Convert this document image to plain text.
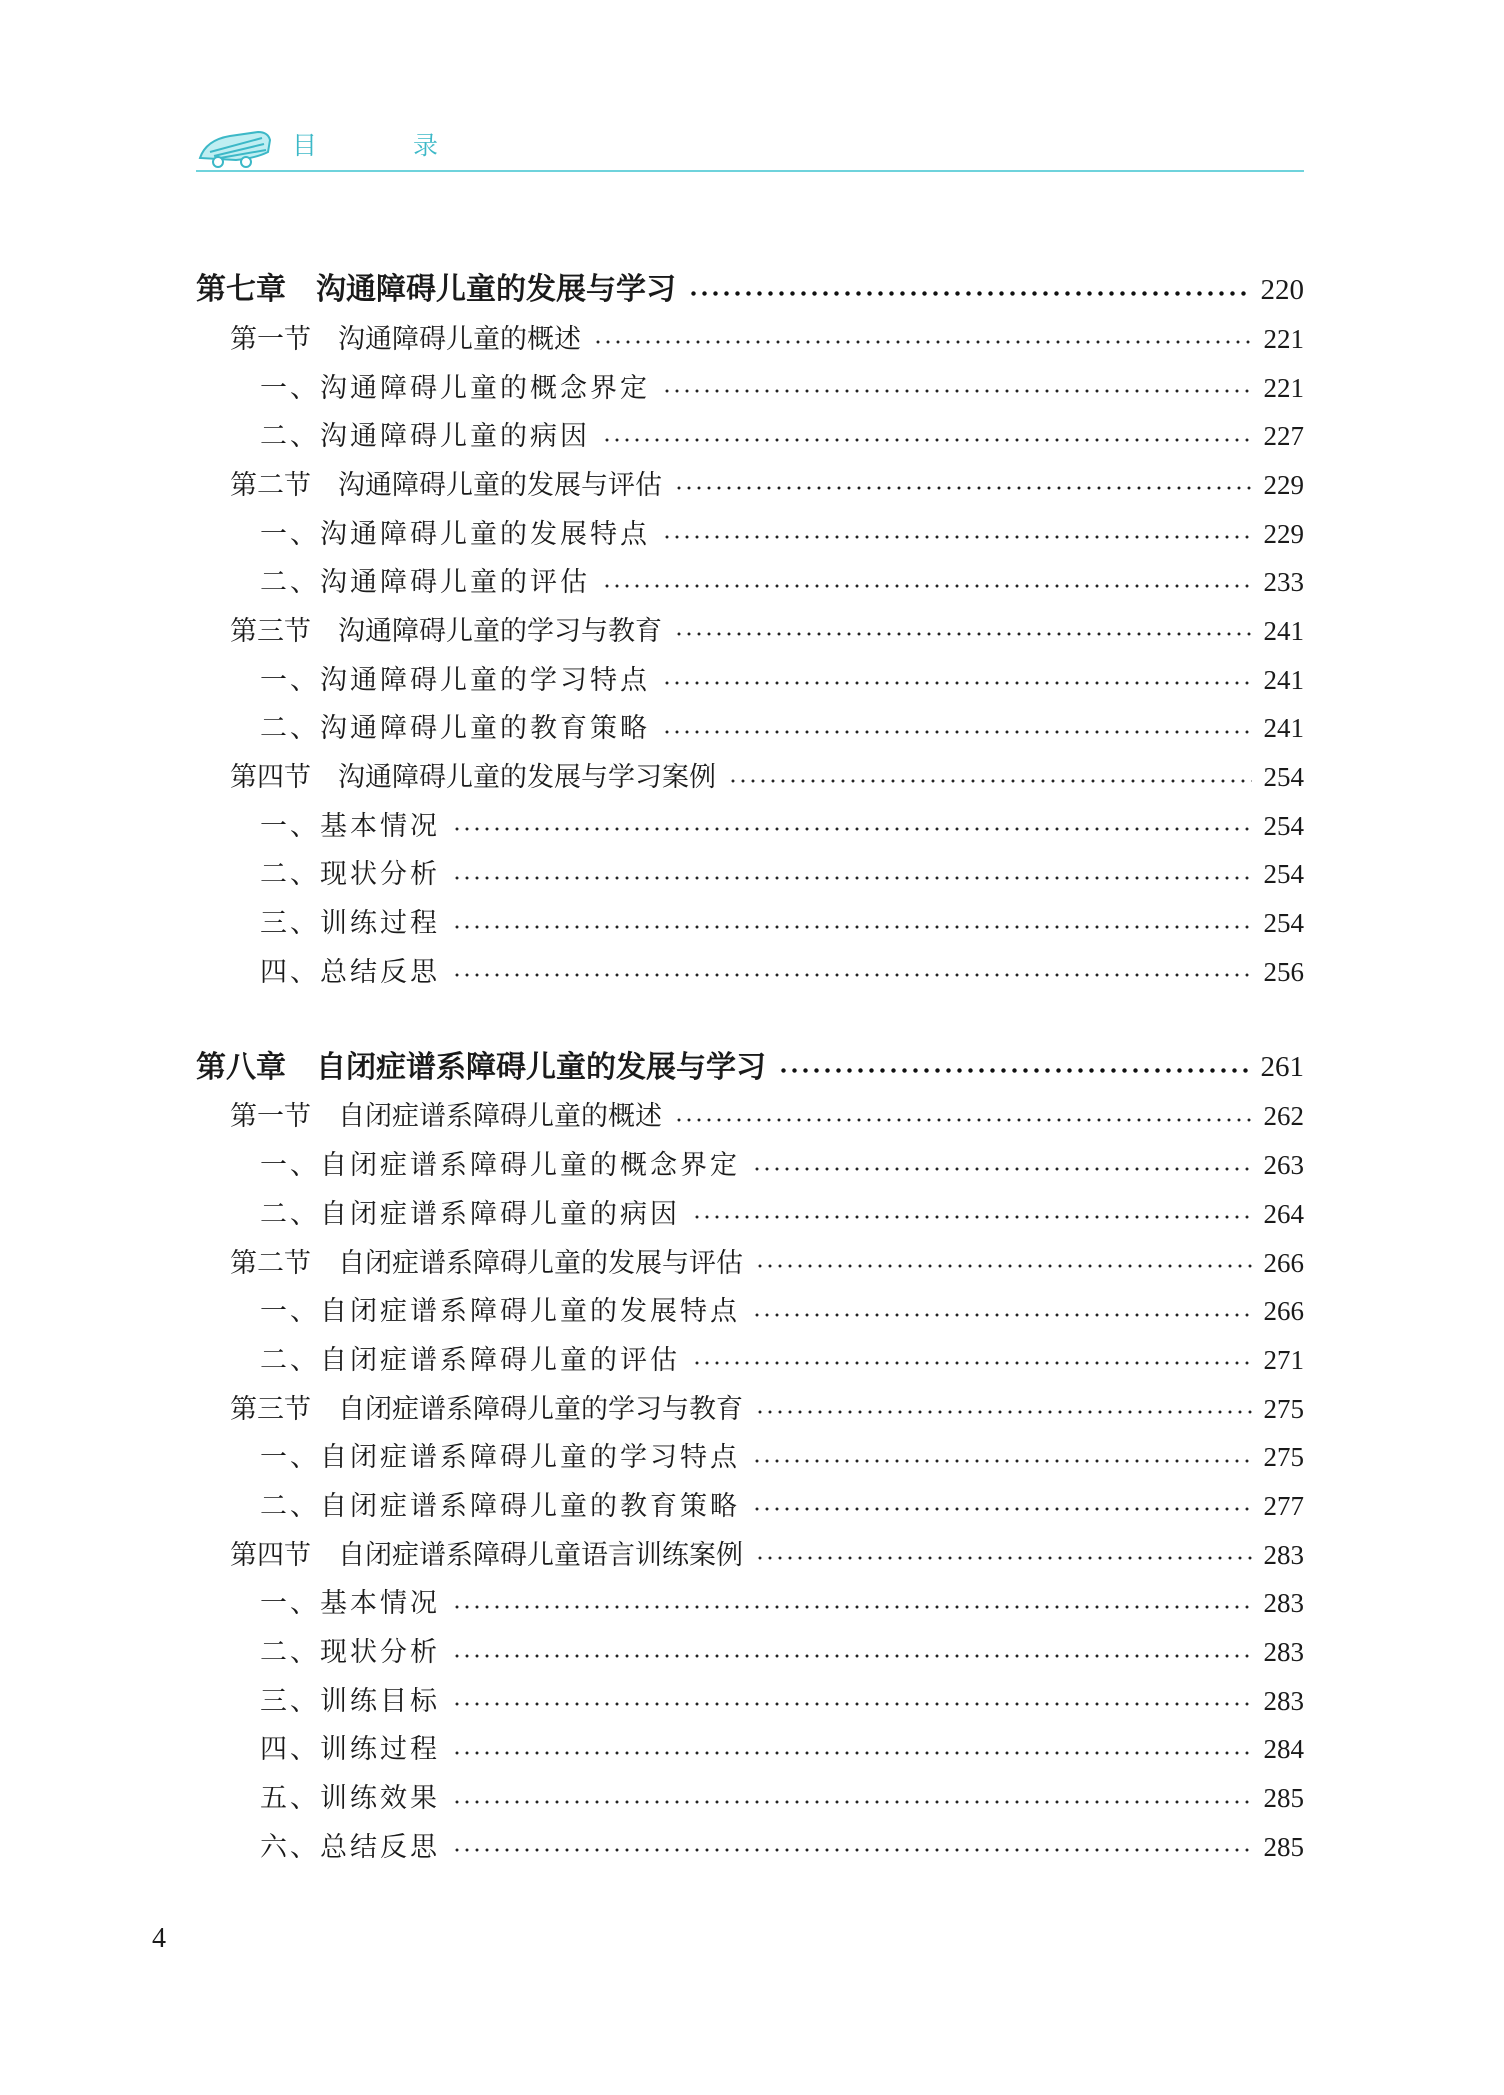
目 录
第七章　沟通障碍儿童的发展与学习	220
第一节　沟通障碍儿童的概述	221
一、沟通障碍儿童的概念界定	221
二、沟通障碍儿童的病因	227
第二节　沟通障碍儿童的发展与评估	229
一、沟通障碍儿童的发展特点	229
二、沟通障碍儿童的评估	233
第三节　沟通障碍儿童的学习与教育	241
一、沟通障碍儿童的学习特点	241
二、沟通障碍儿童的教育策略	241
第四节　沟通障碍儿童的发展与学习案例	254
一、基本情况	254
二、现状分析	254
三、训练过程	254
四、总结反思	256
第八章　自闭症谱系障碍儿童的发展与学习	261
第一节　自闭症谱系障碍儿童的概述	262
一、自闭症谱系障碍儿童的概念界定	263
二、自闭症谱系障碍儿童的病因	264
第二节　自闭症谱系障碍儿童的发展与评估	266
一、自闭症谱系障碍儿童的发展特点	266
二、自闭症谱系障碍儿童的评估	271
第三节　自闭症谱系障碍儿童的学习与教育	275
一、自闭症谱系障碍儿童的学习特点	275
二、自闭症谱系障碍儿童的教育策略	277
第四节　自闭症谱系障碍儿童语言训练案例	283
一、基本情况	283
二、现状分析	283
三、训练目标	283
四、训练过程	284
五、训练效果	285
六、总结反思	285
4
